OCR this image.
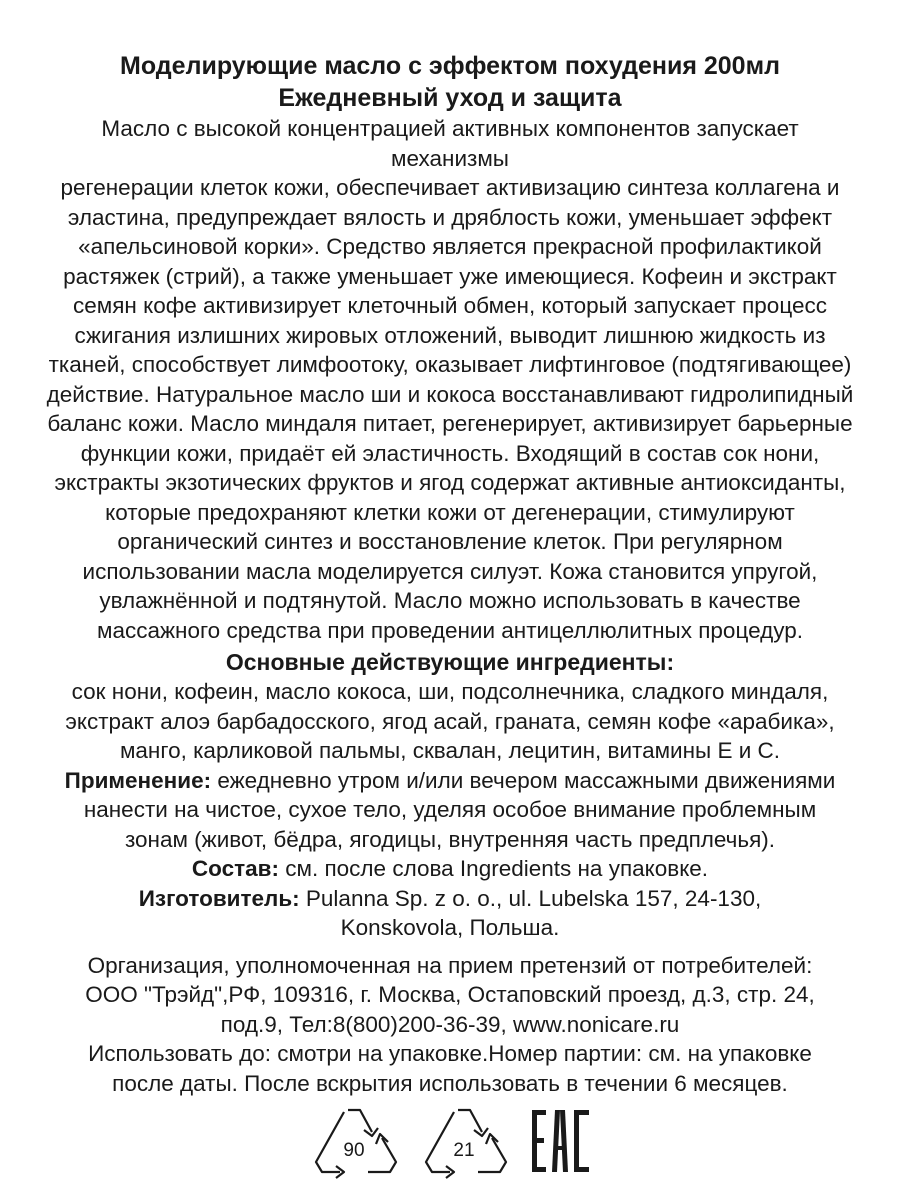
Моделирующие масло с эффектом похудения 200мл
Ежедневный уход и защита

Масло с высокой концентрацией активных компонентов запускает механизмы
регенерации клеток кожи, обеспечивает активизацию синтеза коллагена и
эластина, предупреждает вялость и дряблость кожи, уменьшает эффект
«апельсиновой корки». Средство является прекрасной профилактикой
растяжек (стрий), а также уменьшает уже имеющиеся. Кофеин и экстракт
семян кофе активизирует клеточный обмен, который запускает процесс
сжигания излишних жировых отложений, выводит лишнюю жидкость из
тканей, способствует лимфоотоку, оказывает лифтинговое (подтягивающее)
действие. Натуральное масло ши и кокоса восстанавливают гидролипидный
баланс кожи. Масло миндаля питает, регенерирует, активизирует барьерные
функции кожи, придаёт ей эластичность. Входящий в состав сок нони,
экстракты экзотических фруктов и ягод содержат активные антиоксиданты,
которые предохраняют клетки кожи от дегенерации, стимулируют
органический синтез и восстановление клеток. При регулярном
использовании масла моделируется силуэт. Кожа становится упругой,
увлажнённой и подтянутой. Масло можно использовать в качестве
массажного средства при проведении антицеллюлитных процедур.

Основные действующие ингредиенты:

сок нони, кофеин, масло кокоса, ши, подсолнечника, сладкого миндаля,
экстракт алоэ барбадосского, ягод асай, граната, семян кофе «арабика»,
манго, карликовой пальмы, сквалан, лецитин, витамины Е и С.
Применение: ежедневно утром и/или вечером массажными движениями
нанести на чистое, сухое тело, уделяя особое внимание проблемным
зонам (живот, бёдра, ягодицы, внутренняя часть предплечья).
Состав: см. после слова Ingredients на упаковке.
Изготовитель: Pulanna Sp. z o. o., ul. Lubelska 157, 24-130,
Konskovola, Польша.
Организация, уполномоченная на прием претензий от потребителей:
ООО "Трэйд",РФ, 109316, г. Москва, Остаповский проезд, д.3, стр. 24,
под.9, Тел:8(800)200-36-39, www.nonicare.ru
Использовать до: смотри на упаковке.Номер партии: см. на упаковке
после даты. После вскрытия использовать в течении 6 месяцев.
90	21
